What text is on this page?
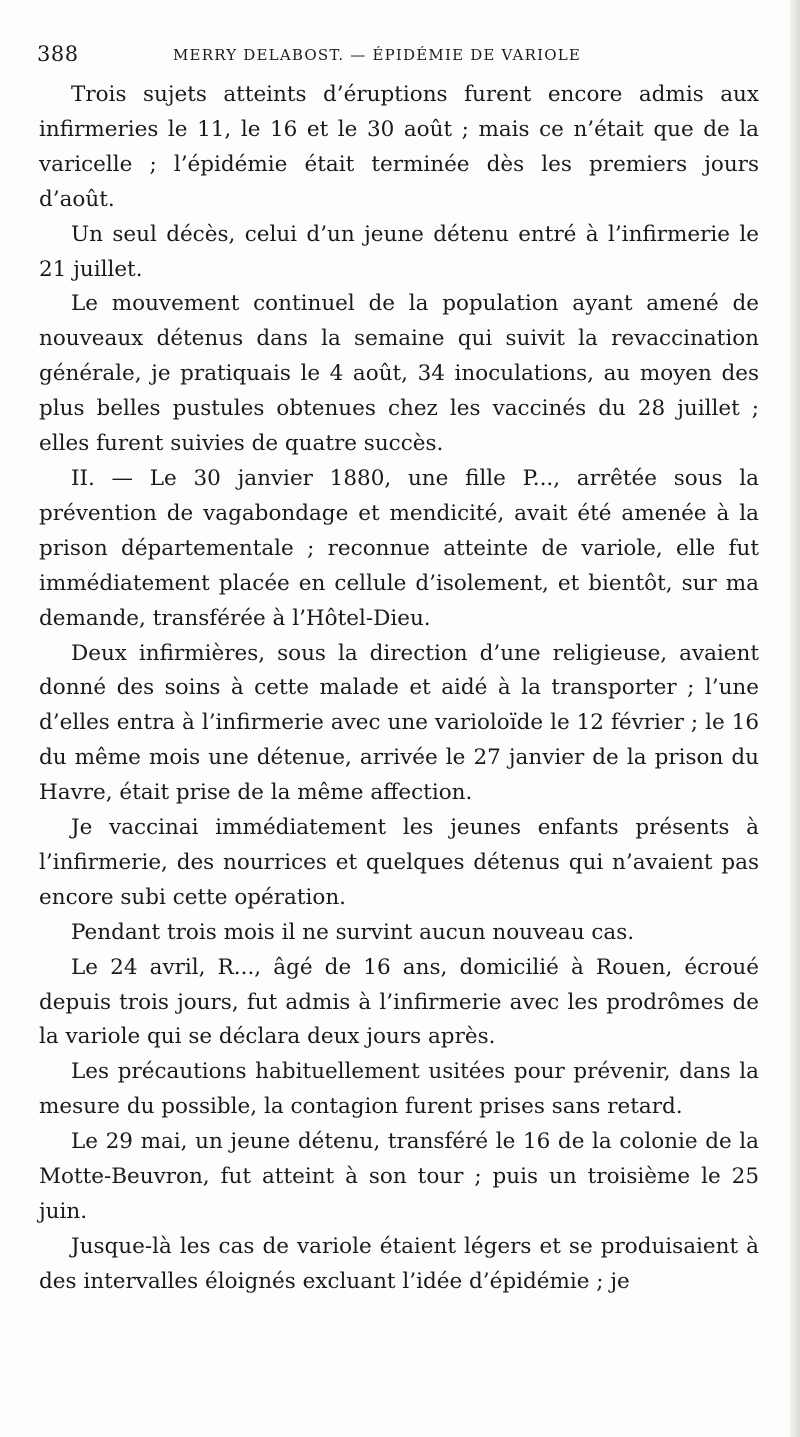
388	MERRY DELABOST. — ÉPIDÉMIE DE VARIOLE

Trois sujets atteints d’éruptions furent encore admis aux infirmeries le 11, le 16 et le 30 août ; mais ce n’était que de la varicelle ; l’épidémie était terminée dès les premiers jours d’août.

Un seul décès, celui d’un jeune détenu entré à l’infirmerie le 21 juillet.

Le mouvement continuel de la population ayant amené de nouveaux détenus dans la semaine qui suivit la revaccination générale, je pratiquais le 4 août, 34 inoculations, au moyen des plus belles pustules obtenues chez les vaccinés du 28 juillet ; elles furent suivies de quatre succès.

II. — Le 30 janvier 1880, une fille P..., arrêtée sous la prévention de vagabondage et mendicité, avait été amenée à la prison départementale ; reconnue atteinte de variole, elle fut immédiatement placée en cellule d’isolement, et bientôt, sur ma demande, transférée à l’Hôtel-Dieu.

Deux infirmières, sous la direction d’une religieuse, avaient donné des soins à cette malade et aidé à la transporter ; l’une d’elles entra à l’infirmerie avec une varioloïde le 12 février ; le 16 du même mois une détenue, arrivée le 27 janvier de la prison du Havre, était prise de la même affection.

Je vaccinai immédiatement les jeunes enfants présents à l’infirmerie, des nourrices et quelques détenus qui n’avaient pas encore subi cette opération.

Pendant trois mois il ne survint aucun nouveau cas.

Le 24 avril, R..., âgé de 16 ans, domicilié à Rouen, écroué depuis trois jours, fut admis à l’infirmerie avec les prodrômes de la variole qui se déclara deux jours après.

Les précautions habituellement usitées pour prévenir, dans la mesure du possible, la contagion furent prises sans retard.

Le 29 mai, un jeune détenu, transféré le 16 de la colonie de la Motte-Beuvron, fut atteint à son tour ; puis un troisième le 25 juin.

Jusque-là les cas de variole étaient légers et se produisaient à des intervalles éloignés excluant l’idée d’épidémie ; je
